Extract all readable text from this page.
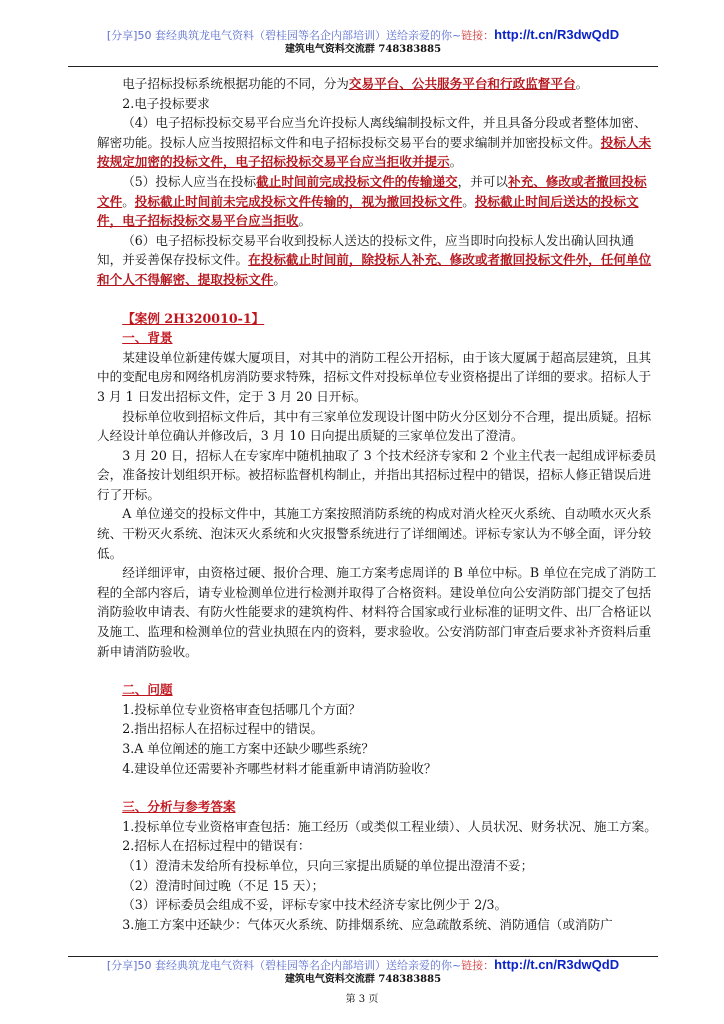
[分享]50 套经典筑龙电气资料（碧桂园等名企内部培训）送给亲爱的你~链接：http://t.cn/R3dwQdD
建筑电气资料交流群 748383885

电子招标投标系统根据功能的不同，分为交易平台、公共服务平台和行政监督平台。

2.电子投标要求

（4）电子招标投标交易平台应当允许投标人离线编制投标文件，并且具备分段或者整体加密、解密功能。投标人应当按照招标文件和电子招标投标交易平台的要求编制并加密投标文件。投标人未按规定加密的投标文件，电子招标投标交易平台应当拒收并提示。

（5）投标人应当在投标截止时间前完成投标文件的传输递交，并可以补充、修改或者撤回投标文件。投标截止时间前未完成投标文件传输的，视为撤回投标文件。投标截止时间后送达的投标文件，电子招标投标交易平台应当拒收。

（6）电子招标投标交易平台收到投标人送达的投标文件，应当即时向投标人发出确认回执通知，并妥善保存投标文件。在投标截止时间前，除投标人补充、修改或者撤回投标文件外，任何单位和个人不得解密、提取投标文件。

【案例 2H320010-1】

一、背景

某建设单位新建传媒大厦项目，对其中的消防工程公开招标，由于该大厦属于超高层建筑，且其中的变配电房和网络机房消防要求特殊，招标文件对投标单位专业资格提出了详细的要求。招标人于 3 月 1 日发出招标文件，定于 3 月 20 日开标。

投标单位收到招标文件后，其中有三家单位发现设计图中防火分区划分不合理，提出质疑。招标人经设计单位确认并修改后，3 月 10 日向提出质疑的三家单位发出了澄清。

3 月 20 日，招标人在专家库中随机抽取了 3 个技术经济专家和 2 个业主代表一起组成评标委员会，准备按计划组织开标。被招标监督机构制止，并指出其招标过程中的错误，招标人修正错误后进行了开标。

A 单位递交的投标文件中，其施工方案按照消防系统的构成对消火栓灭火系统、自动喷水灭火系统、干粉灭火系统、泡沫灭火系统和火灾报警系统进行了详细阐述。评标专家认为不够全面，评分较低。

经详细评审，由资格过硬、报价合理、施工方案考虑周详的 B 单位中标。B 单位在完成了消防工程的全部内容后，请专业检测单位进行检测并取得了合格资料。建设单位向公安消防部门提交了包括消防验收申请表、有防火性能要求的建筑构件、材料符合国家或行业标准的证明文件、出厂合格证以及施工、监理和检测单位的营业执照在内的资料，要求验收。公安消防部门审查后要求补齐资料后重新申请消防验收。

二、问题

1.投标单位专业资格审查包括哪几个方面？

2.指出招标人在招标过程中的错误。

3.A 单位阐述的施工方案中还缺少哪些系统？

4.建设单位还需要补齐哪些材料才能重新申请消防验收？

三、分析与参考答案

1.投标单位专业资格审查包括：施工经历（或类似工程业绩）、人员状况、财务状况、施工方案。

2.招标人在招标过程中的错误有：

（1）澄清未发给所有投标单位，只向三家提出质疑的单位提出澄清不妥；

（2）澄清时间过晚（不足 15 天）；

（3）评标委员会组成不妥，评标专家中技术经济专家比例少于 2/3。

3.施工方案中还缺少：气体灭火系统、防排烟系统、应急疏散系统、消防通信（或消防广

[分享]50 套经典筑龙电气资料（碧桂园等名企内部培训）送给亲爱的你~链接：http://t.cn/R3dwQdD
建筑电气资料交流群 748383885
第 3 页
